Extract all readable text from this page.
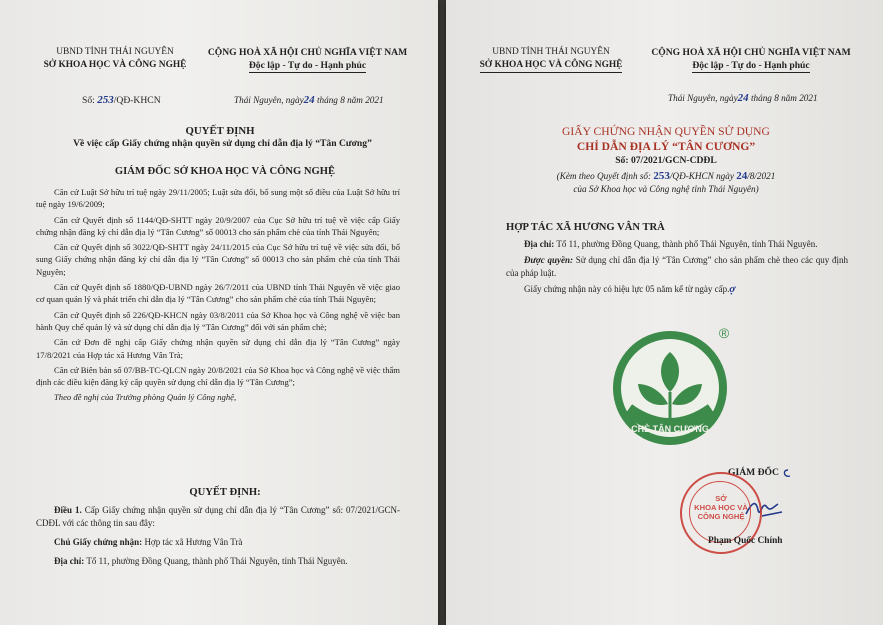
UBND TỈNH THÁI NGUYÊN
SỞ KHOA HỌC VÀ CÔNG NGHỆ
CỘNG HOÀ XÃ HỘI CHỦ NGHĨA VIỆT NAM
Độc lập - Tự do - Hạnh phúc
Số: 253/QĐ-KHCN	Thái Nguyên, ngày24 tháng 8 năm 2021
QUYẾT ĐỊNH
Về việc cấp Giấy chứng nhận quyền sử dụng chỉ dẫn địa lý “Tân Cương”
GIÁM ĐỐC SỞ KHOA HỌC VÀ CÔNG NGHỆ

Căn cứ Luật Sở hữu trí tuệ ngày 29/11/2005; Luật sửa đổi, bổ sung một số điều của Luật Sở hữu trí tuệ ngày 19/6/2009;

Căn cứ Quyết định số 1144/QĐ-SHTT ngày 20/9/2007 của Cục Sở hữu trí tuệ về việc cấp Giấy chứng nhận đăng ký chỉ dẫn địa lý “Tân Cương” số 00013 cho sản phẩm chè của tỉnh Thái Nguyên;

Căn cứ Quyết định số 3022/QĐ-SHTT ngày 24/11/2015 của Cục Sở hữu trí tuệ về việc sửa đổi, bổ sung Giấy chứng nhận đăng ký chỉ dẫn địa lý “Tân Cương” số 00013 cho sản phẩm chè của tỉnh Thái Nguyên;

Căn cứ Quyết định số 1880/QĐ-UBND ngày 26/7/2011 của UBND tỉnh Thái Nguyên về việc giao cơ quan quản lý và phát triển chỉ dẫn địa lý “Tân Cương” cho sản phẩm chè của tỉnh Thái Nguyên;

Căn cứ Quyết định số 226/QĐ-KHCN ngày 03/8/2011 của Sở Khoa học và Công nghệ về việc ban hành Quy chế quản lý và sử dụng chỉ dẫn địa lý “Tân Cương” đối với sản phẩm chè;

Căn cứ Đơn đề nghị cấp Giấy chứng nhận quyền sử dụng chỉ dẫn địa lý “Tân Cương” ngày 17/8/2021 của Hợp tác xã Hương Vân Trà;

Căn cứ Biên bản số 07/BB-TC-QLCN ngày 20/8/2021 của Sở Khoa học và Công nghệ về việc thẩm định các điều kiện đăng ký cấp quyền sử dụng chỉ dẫn địa lý “Tân Cương”;

Theo đề nghị của Trưởng phòng Quản lý Công nghệ,

QUYẾT ĐỊNH:

Điều 1. Cấp Giấy chứng nhận quyền sử dụng chỉ dẫn địa lý “Tân Cương” số: 07/2021/GCN-CDĐL với các thông tin sau đây:

Chủ Giấy chứng nhận: Hợp tác xã Hương Vân Trà

Địa chỉ: Tổ 11, phường Đồng Quang, thành phố Thái Nguyên, tỉnh Thái Nguyên.

UBND TỈNH THÁI NGUYÊN
SỞ KHOA HỌC VÀ CÔNG NGHỆ
CỘNG HOÀ XÃ HỘI CHỦ NGHĨA VIỆT NAM
Độc lập - Tự do - Hạnh phúc
Thái Nguyên, ngày24 tháng 8 năm 2021
GIẤY CHỨNG NHẬN QUYỀN SỬ DỤNG
CHỈ DẪN ĐỊA LÝ “TÂN CƯƠNG”
Số: 07/2021/GCN-CDĐL
(Kèm theo Quyết định số: 253/QĐ-KHCN ngày 24/8/2021
của Sở Khoa học và Công nghệ tỉnh Thái Nguyên)
HỢP TÁC XÃ HƯƠNG VÂN TRÀ

Địa chỉ: Tổ 11, phường Đồng Quang, thành phố Thái Nguyên, tỉnh Thái Nguyên.

Được quyền: Sử dụng chỉ dẫn địa lý “Tân Cương” cho sản phẩm chè theo các quy định của pháp luật.

Giấy chứng nhận này có hiệu lực 05 năm kể từ ngày cấp.ợ

CHÈ TÂN CƯƠNG
®
GIÁM ĐỐC
SỞ
KHOA HỌC VÀ
CÔNG NGHỆ
Phạm Quốc Chính
